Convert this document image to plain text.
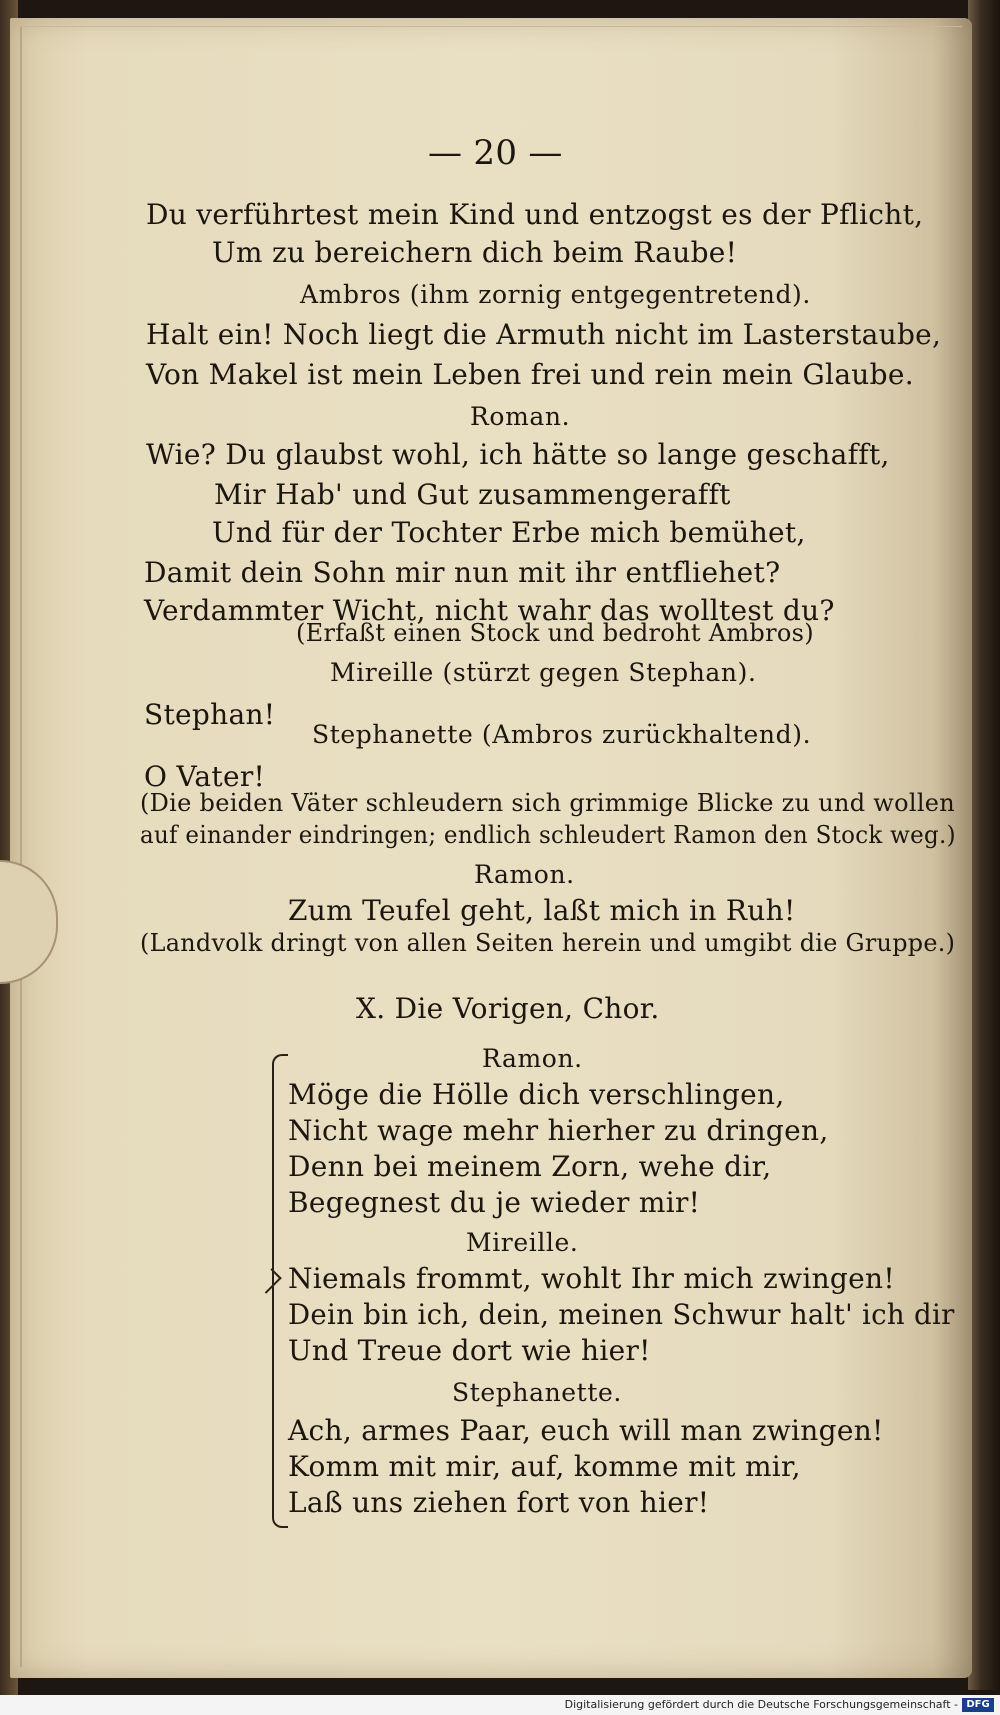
— 20 —
Du verführtest mein Kind und entzogst es der Pflicht,
Um zu bereichern dich beim Raube!
Ambros (ihm zornig entgegentretend).
Halt ein! Noch liegt die Armuth nicht im Lasterstaube,
Von Makel ist mein Leben frei und rein mein Glaube.
Roman.
Wie? Du glaubst wohl, ich hätte so lange geschafft,
Mir Hab' und Gut zusammengerafft
Und für der Tochter Erbe mich bemühet,
Damit dein Sohn mir nun mit ihr entfliehet?
Verdammter Wicht, nicht wahr das wolltest du?
(Erfaßt einen Stock und bedroht Ambros)
Mireille (stürzt gegen Stephan).
Stephan!
Stephanette (Ambros zurückhaltend).
O Vater!
(Die beiden Väter schleudern sich grimmige Blicke zu und wollen
auf einander eindringen; endlich schleudert Ramon den Stock weg.)
Ramon.
Zum Teufel geht, laßt mich in Ruh!
(Landvolk dringt von allen Seiten herein und umgibt die Gruppe.)
X. Die Vorigen, Chor.
Ramon.
Möge die Hölle dich verschlingen,
Nicht wage mehr hierher zu dringen,
Denn bei meinem Zorn, wehe dir,
Begegnest du je wieder mir!
Mireille.
Niemals frommt, wohlt Ihr mich zwingen!
Dein bin ich, dein, meinen Schwur halt' ich dir
Und Treue dort wie hier!
Stephanette.
Ach, armes Paar, euch will man zwingen!
Komm mit mir, auf, komme mit mir,
Laß uns ziehen fort von hier!
Digitalisierung gefördert durch die Deutsche Forschungsgemeinschaft - DFG
